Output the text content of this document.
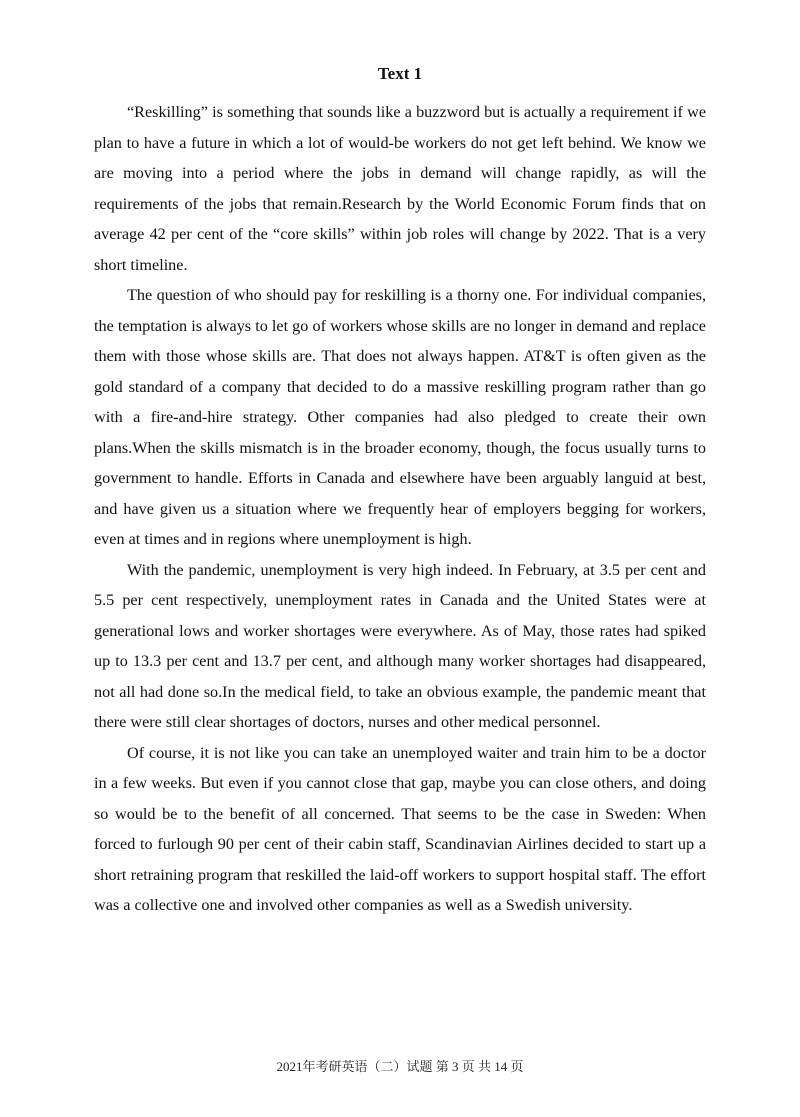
Text 1

“Reskilling” is something that sounds like a buzzword but is actually a requirement if we plan to have a future in which a lot of would-be workers do not get left behind. We know we are moving into a period where the jobs in demand will change rapidly, as will the requirements of the jobs that remain.Research by the World Economic Forum finds that on average 42 per cent of the “core skills” within job roles will change by 2022. That is a very short timeline.

The question of who should pay for reskilling is a thorny one. For individual companies, the temptation is always to let go of workers whose skills are no longer in demand and replace them with those whose skills are. That does not always happen. AT&T is often given as the gold standard of a company that decided to do a massive reskilling program rather than go with a fire-and-hire strategy. Other companies had also pledged to create their own plans.When the skills mismatch is in the broader economy, though, the focus usually turns to government to handle. Efforts in Canada and elsewhere have been arguably languid at best, and have given us a situation where we frequently hear of employers begging for workers, even at times and in regions where unemployment is high.

With the pandemic, unemployment is very high indeed. In February, at 3.5 per cent and 5.5 per cent respectively, unemployment rates in Canada and the United States were at generational lows and worker shortages were everywhere. As of May, those rates had spiked up to 13.3 per cent and 13.7 per cent, and although many worker shortages had disappeared, not all had done so.In the medical field, to take an obvious example, the pandemic meant that there were still clear shortages of doctors, nurses and other medical personnel.

Of course, it is not like you can take an unemployed waiter and train him to be a doctor in a few weeks. But even if you cannot close that gap, maybe you can close others, and doing so would be to the benefit of all concerned. That seems to be the case in Sweden: When forced to furlough 90 per cent of their cabin staff, Scandinavian Airlines decided to start up a short retraining program that reskilled the laid-off workers to support hospital staff. The effort was a collective one and involved other companies as well as a Swedish university.

2021年考研英语（二）试题 第 3 页 共 14 页
